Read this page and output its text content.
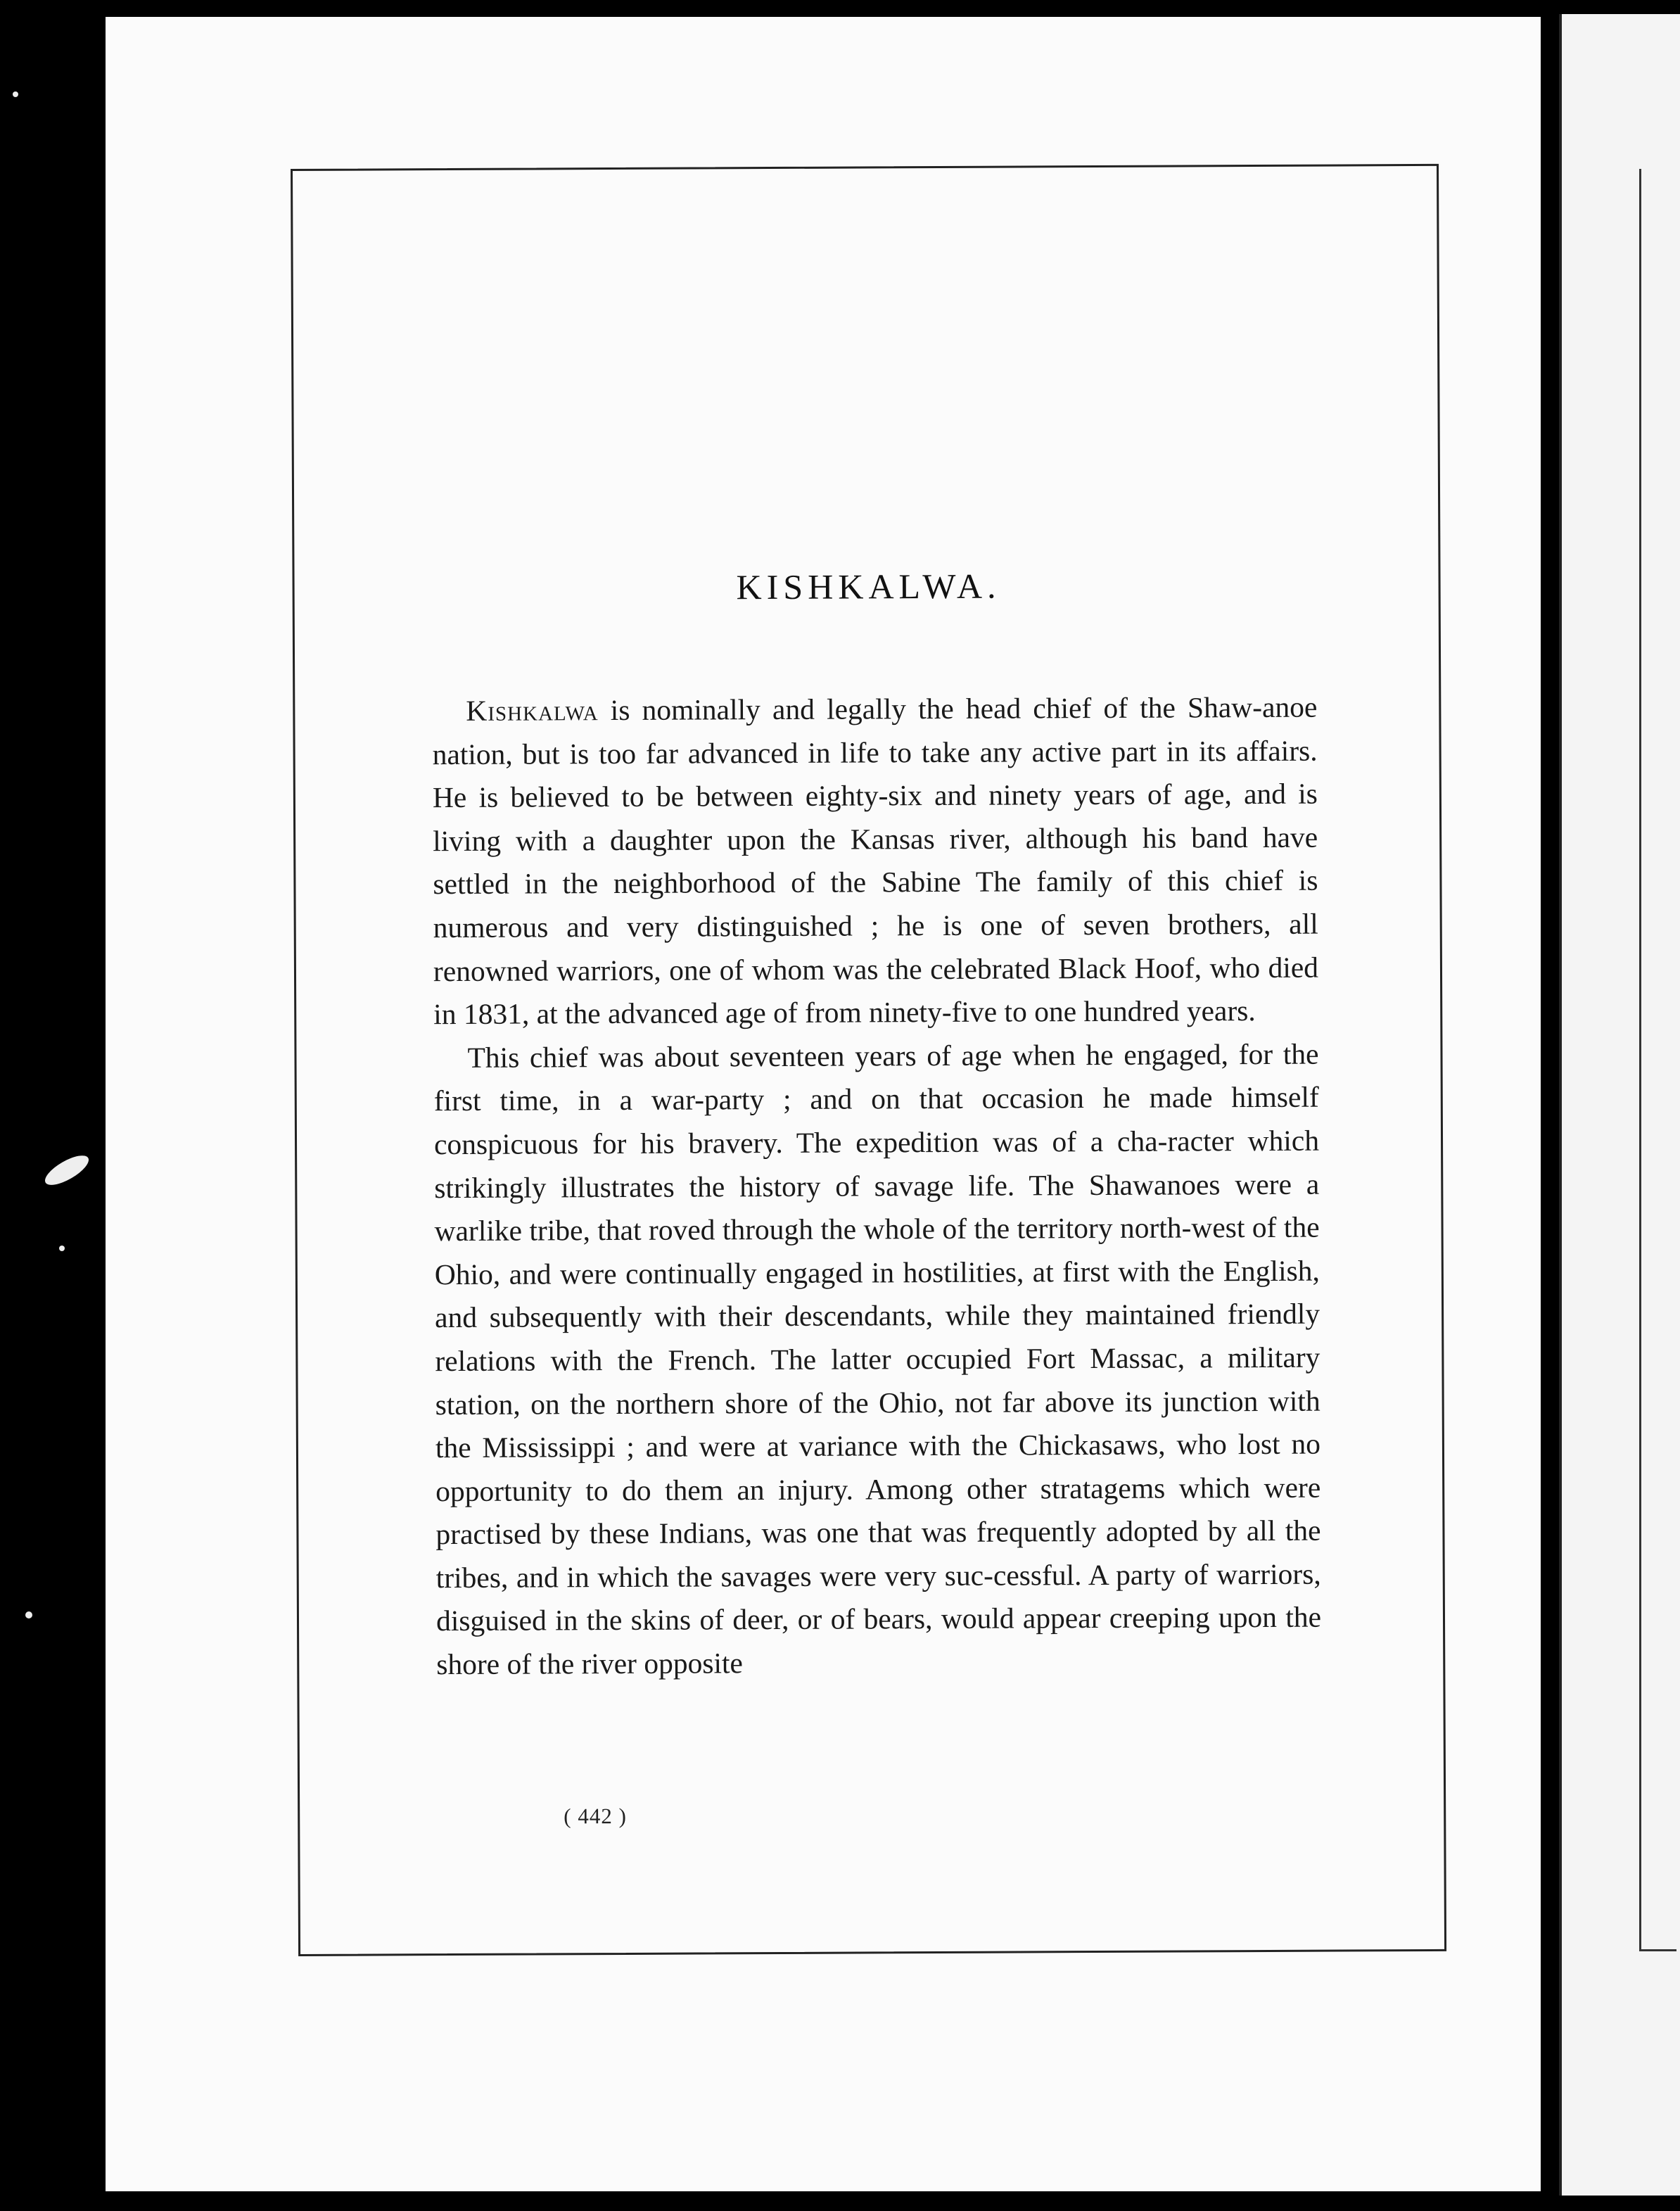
KISHKALWA.

Kishkalwa is nominally and legally the head chief of the Shaw-anoe nation, but is too far advanced in life to take any active part in its affairs. He is believed to be between eighty-six and ninety years of age, and is living with a daughter upon the Kansas river, although his band have settled in the neighborhood of the Sabine The family of this chief is numerous and very distinguished ; he is one of seven brothers, all renowned warriors, one of whom was the celebrated Black Hoof, who died in 1831, at the advanced age of from ninety-five to one hundred years.

This chief was about seventeen years of age when he engaged, for the first time, in a war-party ; and on that occasion he made himself conspicuous for his bravery. The expedition was of a cha-racter which strikingly illustrates the history of savage life. The Shawanoes were a warlike tribe, that roved through the whole of the territory north-west of the Ohio, and were continually engaged in hostilities, at first with the English, and subsequently with their descendants, while they maintained friendly relations with the French. The latter occupied Fort Massac, a military station, on the northern shore of the Ohio, not far above its junction with the Mississippi ; and were at variance with the Chickasaws, who lost no opportunity to do them an injury. Among other stratagems which were practised by these Indians, was one that was frequently adopted by all the tribes, and in which the savages were very suc-cessful. A party of warriors, disguised in the skins of deer, or of bears, would appear creeping upon the shore of the river opposite

( 442 )
